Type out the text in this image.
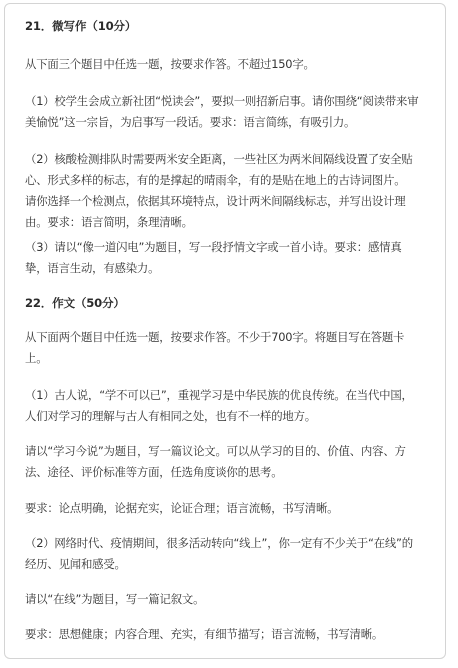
21．微写作（10分）
从下面三个题目中任选一题，按要求作答。不超过150字。
（1）校学生会成立新社团“悦读会”，要拟一则招新启事。请你围绕“阅读带来审
美愉悦”这一宗旨，为启事写一段话。要求：语言简练，有吸引力。
（2）核酸检测排队时需要两米安全距离，一些社区为两米间隔线设置了安全贴
心、形式多样的标志，有的是撑起的晴雨伞，有的是贴在地上的古诗词图片。
请你选择一个检测点，依据其环境特点，设计两米间隔线标志，并写出设计理
由。要求：语言简明，条理清晰。
（3）请以“像一道闪电”为题目，写一段抒情文字或一首小诗。要求：感情真
挚，语言生动，有感染力。
22．作文（50分）
从下面两个题目中任选一题，按要求作答。不少于700字。将题目写在答题卡
上。
（1）古人说，“学不可以已”，重视学习是中华民族的优良传统。在当代中国，
人们对学习的理解与古人有相同之处，也有不一样的地方。
请以“学习今说”为题目，写一篇议论文。可以从学习的目的、价值、内容、方
法、途径、评价标准等方面，任选角度谈你的思考。
要求：论点明确，论据充实，论证合理；语言流畅，书写清晰。
（2）网络时代、疫情期间，很多活动转向“线上”，你一定有不少关于“在线”的
经历、见闻和感受。
请以“在线”为题目，写一篇记叙文。
要求：思想健康；内容合理、充实，有细节描写；语言流畅，书写清晰。
